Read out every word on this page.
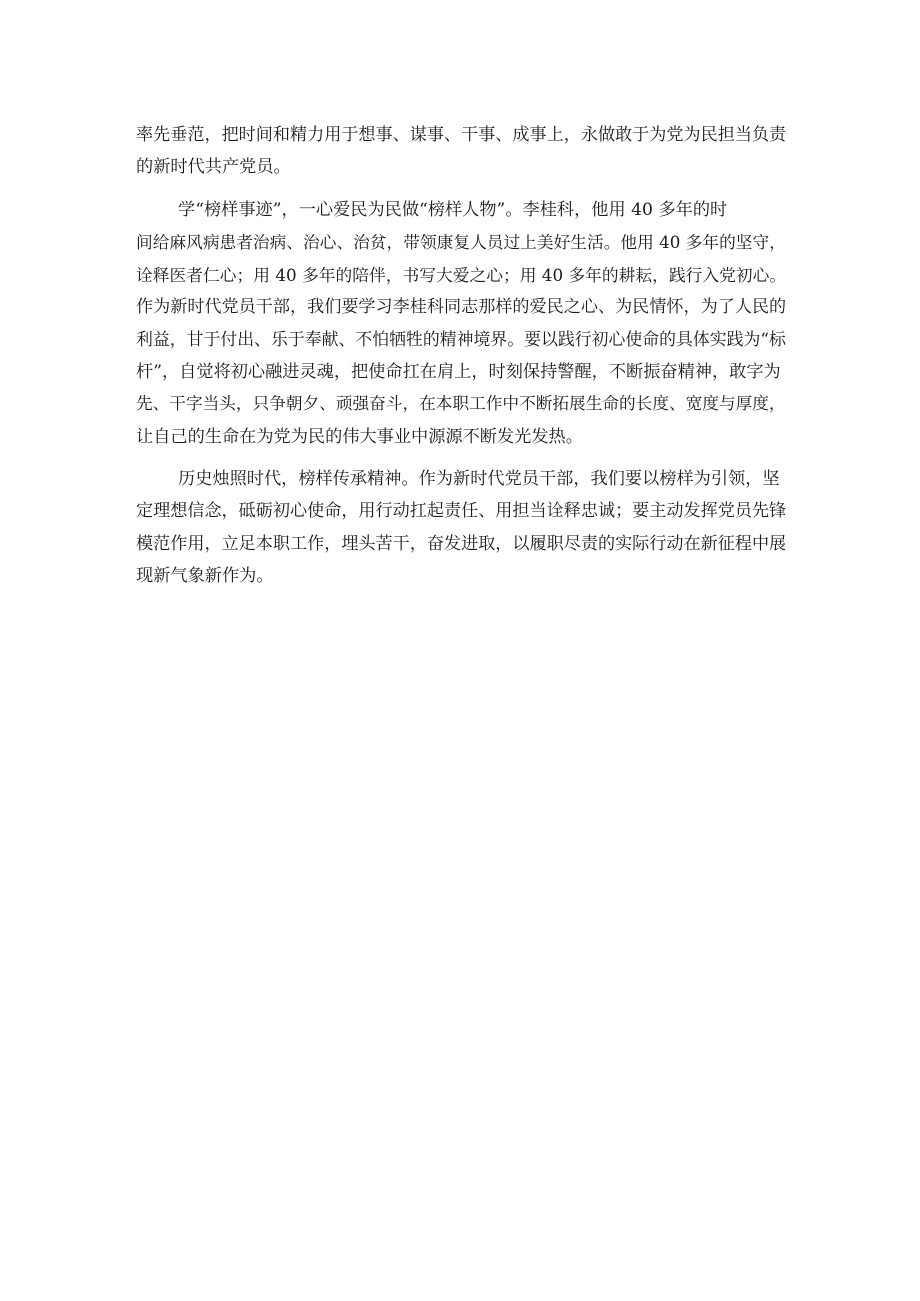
率先垂范，把时间和精力用于想事、谋事、干事、成事上，永做敢于为党为民担当负责
的新时代共产党员。
学“榜样事迹”，一心爱民为民做“榜样人物”。李桂科，他用 40 多年的时
间给麻风病患者治病、治心、治贫，带领康复人员过上美好生活。他用 40 多年的坚守，
诠释医者仁心；用 40 多年的陪伴，书写大爱之心；用 40 多年的耕耘，践行入党初心。
作为新时代党员干部，我们要学习李桂科同志那样的爱民之心、为民情怀，为了人民的
利益，甘于付出、乐于奉献、不怕牺牲的精神境界。要以践行初心使命的具体实践为“标
杆”，自觉将初心融进灵魂，把使命扛在肩上，时刻保持警醒，不断振奋精神，敢字为
先、干字当头，只争朝夕、顽强奋斗，在本职工作中不断拓展生命的长度、宽度与厚度，
让自己的生命在为党为民的伟大事业中源源不断发光发热。
历史烛照时代，榜样传承精神。作为新时代党员干部，我们要以榜样为引领，坚
定理想信念，砥砺初心使命，用行动扛起责任、用担当诠释忠诚；要主动发挥党员先锋
模范作用，立足本职工作，埋头苦干，奋发进取，以履职尽责的实际行动在新征程中展
现新气象新作为。
